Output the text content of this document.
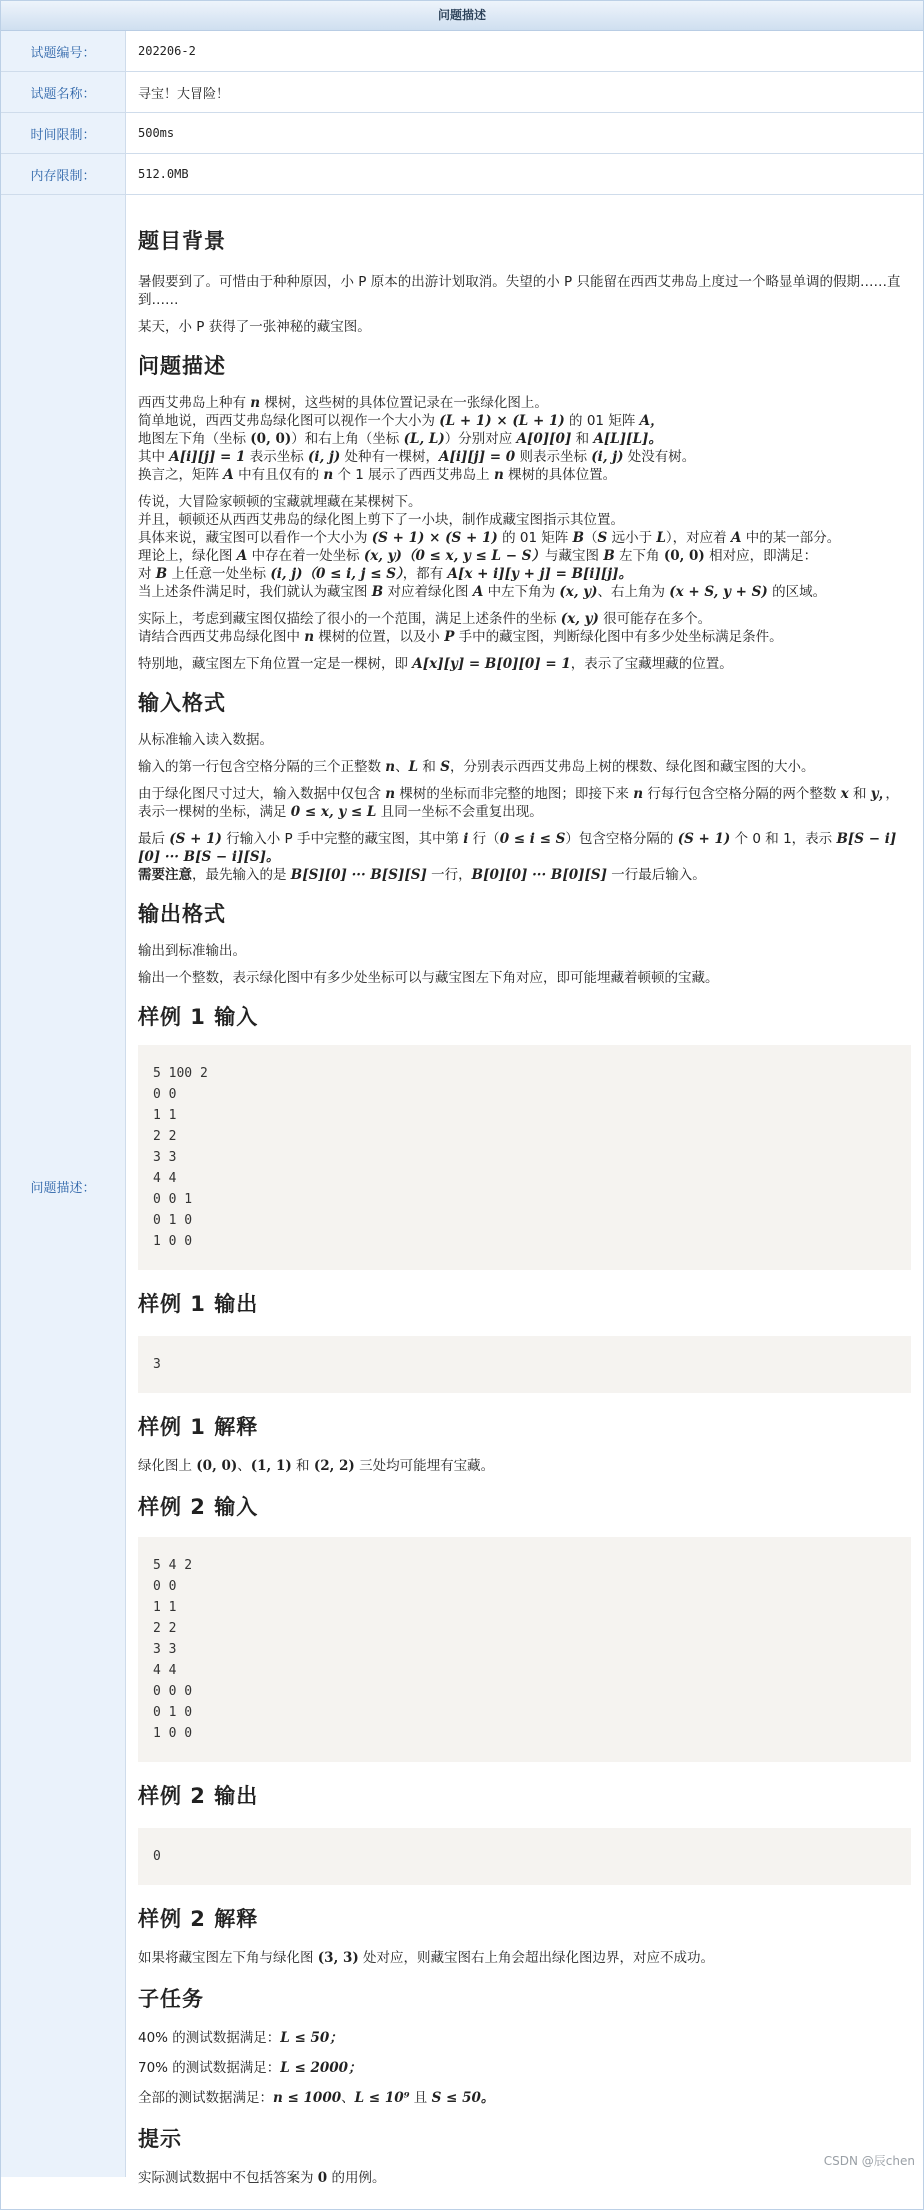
问题描述
试题编号：	202206-2
试题名称：	寻宝！大冒险！
时间限制：	500ms
内存限制：	512.0MB
问题描述：
题目背景

暑假要到了。可惜由于种种原因，小 P 原本的出游计划取消。失望的小 P 只能留在西西艾弗岛上度过一个略显单调的假期……直到……

某天，小 P 获得了一张神秘的藏宝图。

问题描述

西西艾弗岛上种有 n 棵树，这些树的具体位置记录在一张绿化图上。

简单地说，西西艾弗岛绿化图可以视作一个大小为 (L + 1) × (L + 1) 的 01 矩阵 A，

地图左下角（坐标 (0, 0)）和右上角（坐标 (L, L)）分别对应 A[0][0] 和 A[L][L]。

其中 A[i][j] = 1 表示坐标 (i, j) 处种有一棵树，A[i][j] = 0 则表示坐标 (i, j) 处没有树。

换言之，矩阵 A 中有且仅有的 n 个 1 展示了西西艾弗岛上 n 棵树的具体位置。

传说，大冒险家顿顿的宝藏就埋藏在某棵树下。

并且，顿顿还从西西艾弗岛的绿化图上剪下了一小块，制作成藏宝图指示其位置。

具体来说，藏宝图可以看作一个大小为 (S + 1) × (S + 1) 的 01 矩阵 B（S 远小于 L），对应着 A 中的某一部分。

理论上，绿化图 A 中存在着一处坐标 (x, y)（0 ≤ x, y ≤ L − S）与藏宝图 B 左下角 (0, 0) 相对应，即满足：

对 B 上任意一处坐标 (i, j)（0 ≤ i, j ≤ S），都有 A[x + i][y + j] = B[i][j]。

当上述条件满足时，我们就认为藏宝图 B 对应着绿化图 A 中左下角为 (x, y)、右上角为 (x + S, y + S) 的区域。

实际上，考虑到藏宝图仅描绘了很小的一个范围，满足上述条件的坐标 (x, y) 很可能存在多个。

请结合西西艾弗岛绿化图中 n 棵树的位置，以及小 P 手中的藏宝图，判断绿化图中有多少处坐标满足条件。

特别地，藏宝图左下角位置一定是一棵树，即 A[x][y] = B[0][0] = 1，表示了宝藏埋藏的位置。

输入格式

从标准输入读入数据。

输入的第一行包含空格分隔的三个正整数 n、L 和 S，分别表示西西艾弗岛上树的棵数、绿化图和藏宝图的大小。

由于绿化图尺寸过大，输入数据中仅包含 n 棵树的坐标而非完整的地图；即接下来 n 行每行包含空格分隔的两个整数 x 和 y，，表示一棵树的坐标，满足 0 ≤ x, y ≤ L 且同一坐标不会重复出现。

最后 (S + 1) 行输入小 P 手中完整的藏宝图，其中第 i 行（0 ≤ i ≤ S）包含空格分隔的 (S + 1) 个 0 和 1，表示 B[S − i][0] ··· B[S − i][S]。

需要注意，最先输入的是 B[S][0] ··· B[S][S] 一行，B[0][0] ··· B[0][S] 一行最后输入。

输出格式

输出到标准输出。

输出一个整数，表示绿化图中有多少处坐标可以与藏宝图左下角对应，即可能埋藏着顿顿的宝藏。

样例 1 输入
5 100 2
0 0
1 1
2 2
3 3
4 4
0 0 1
0 1 0
1 0 0
样例 1 输出
3
样例 1 解释

绿化图上 (0, 0)、(1, 1) 和 (2, 2) 三处均可能埋有宝藏。

样例 2 输入
5 4 2
0 0
1 1
2 2
3 3
4 4
0 0 0
0 1 0
1 0 0
样例 2 输出
0
样例 2 解释

如果将藏宝图左下角与绿化图 (3, 3) 处对应，则藏宝图右上角会超出绿化图边界，对应不成功。

子任务

40% 的测试数据满足：L ≤ 50；

70% 的测试数据满足：L ≤ 2000；

全部的测试数据满足：n ≤ 1000、L ≤ 10⁹ 且 S ≤ 50。

提示

实际测试数据中不包括答案为 0 的用例。

CSDN @辰chen
